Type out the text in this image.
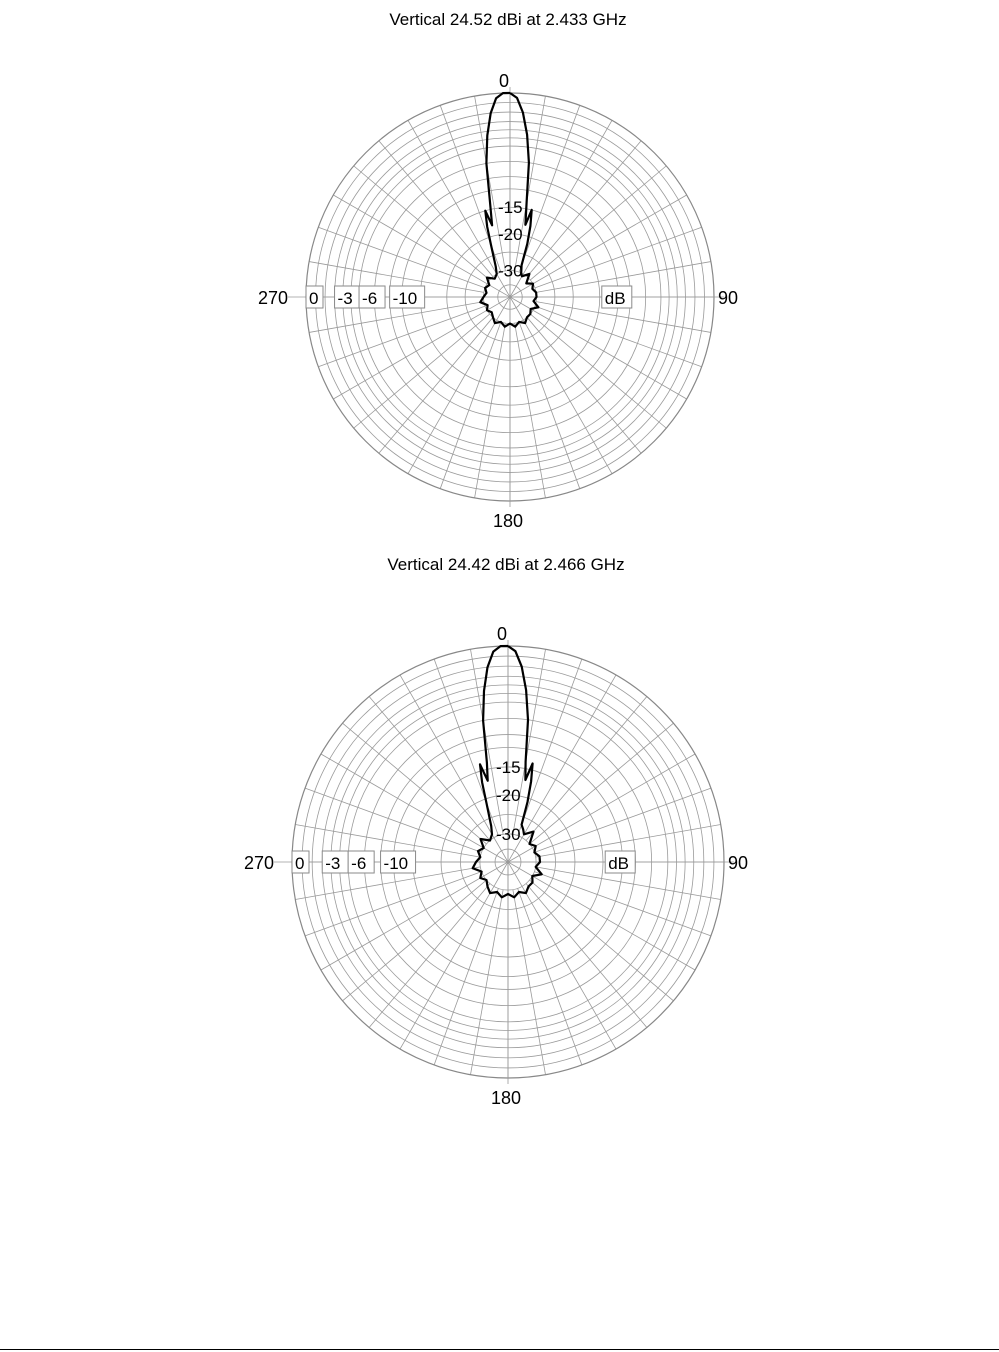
Vertical 24.52 dBi at 2.433 GHz
0
180
90
270 0 -3 -6 -10
-15
-20
-30
dB
Vertical 24.42 dBi at 2.466 GHz
0
180
90
270 0 -3 -6 -10
-15
-20
-30
dB
